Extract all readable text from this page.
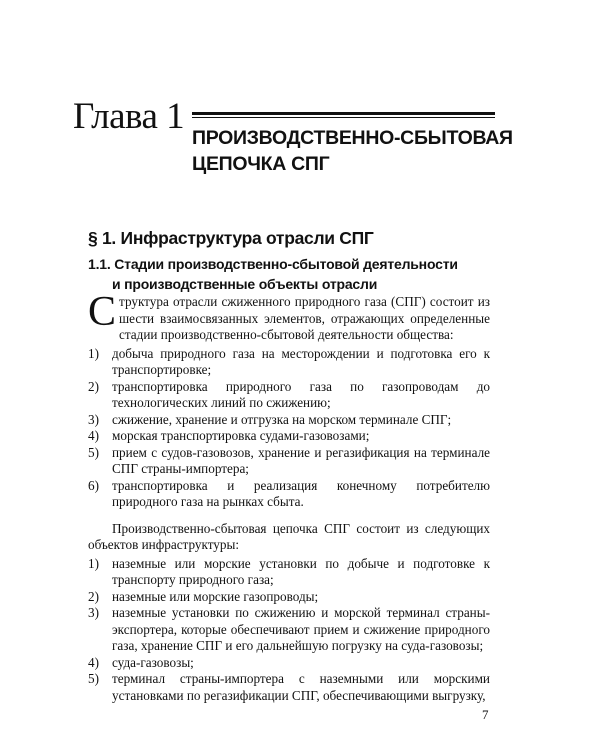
Глава 1
ПРОИЗВОДСТВЕННО-СБЫТОВАЯ
ЦЕПОЧКА СПГ
§ 1. Инфраструктура отрасли СПГ
1.1. Стадии производственно-сбытовой деятельности
и производственные объекты отрасли

Структура отрасли сжиженного природного газа (СПГ) состоит из шести взаимосвязанных элементов, отражающих определенные стадии производственно-сбытовой деятельности общества:

1 )	добыча природного газа на месторождении и подготовка его к транспортировке;
2 )	транспортировка природного газа по газопроводам до технологических линий по сжижению;
3 )	сжижение, хранение и отгрузка на морском терминале СПГ;
4 )	морская транспортировка судами-газовозами;
5 )	прием с судов-газовозов, хранение и регазификация на терминале СПГ страны-импортера;
6 )	транспортировка и реализация конечному потребителю природного газа на рынках сбыта.

Производственно-сбытовая цепочка СПГ состоит из следующих объектов инфраструктуры:

1 )	наземные или морские установки по добыче и подготовке к транспорту природного газа;
2 )	наземные или морские газопроводы;
3 )	наземные установки по сжижению и морской терминал страны-экспортера, которые обеспечивают прием и сжижение природного газа, хранение СПГ и его дальнейшую погрузку на суда-газовозы;
4 )	суда-газовозы;
5 )	терминал страны-импортера с наземными или морскими установками по регазификации СПГ, обеспечивающими выгрузку,
7
